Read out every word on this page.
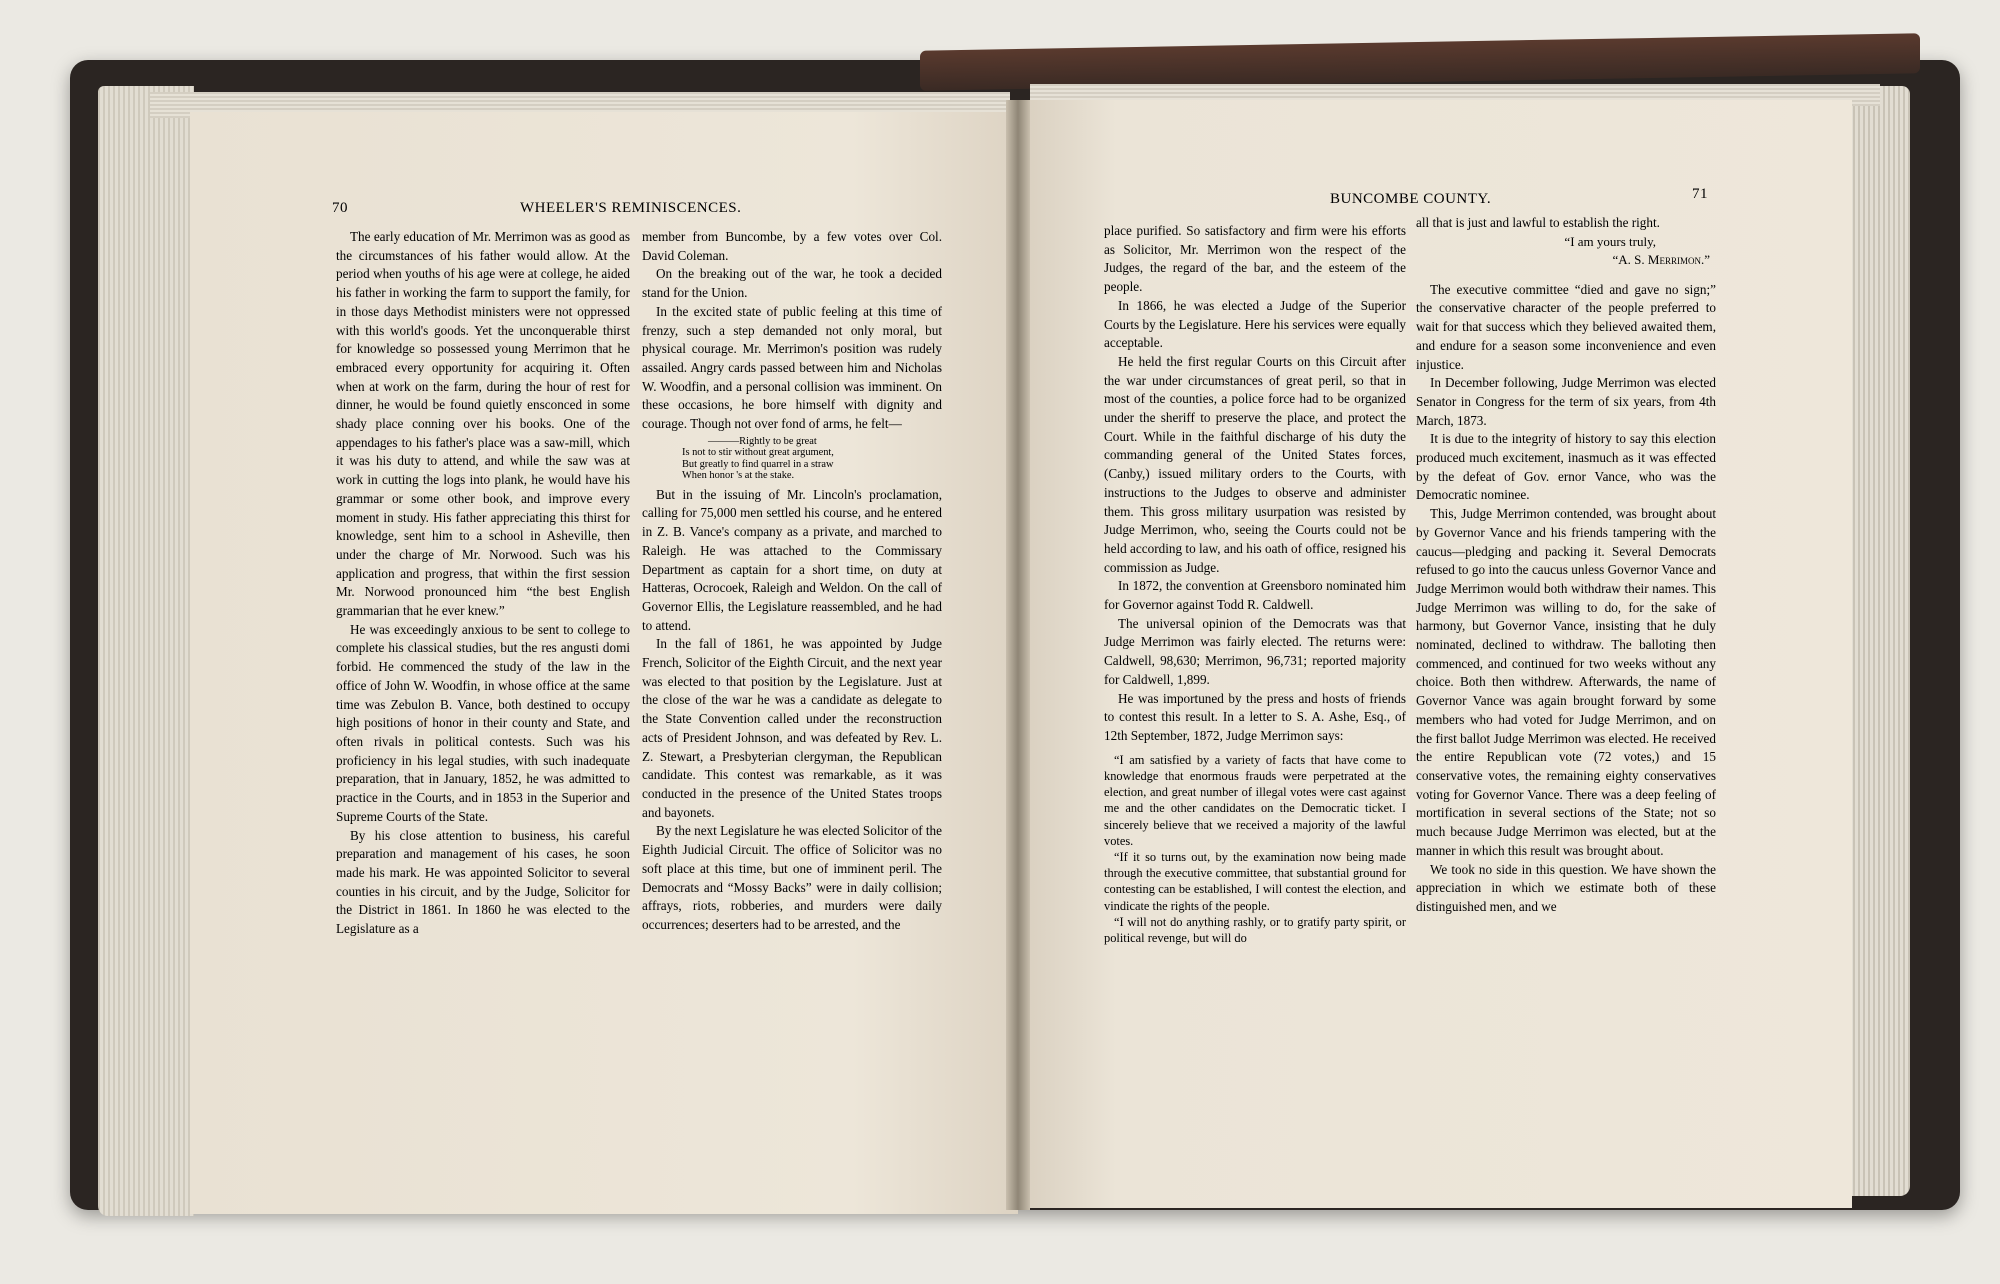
70	WHEELER'S REMINISCENCES.
BUNCOMBE COUNTY.	71

The early education of Mr. Merrimon was as good as the circumstances of his father would allow. At the period when youths of his age were at college, he aided his father in working the farm to support the family, for in those days Methodist ministers were not oppressed with this world's goods. Yet the unconquerable thirst for knowledge so possessed young Merrimon that he embraced every opportunity for acquiring it. Often when at work on the farm, during the hour of rest for dinner, he would be found quietly ensconced in some shady place conning over his books. One of the appendages to his father's place was a saw-mill, which it was his duty to attend, and while the saw was at work in cutting the logs into plank, he would have his grammar or some other book, and improve every moment in study. His father appreciating this thirst for knowledge, sent him to a school in Asheville, then under the charge of Mr. Norwood. Such was his application and progress, that within the first session Mr. Norwood pronounced him “the best English grammarian that he ever knew.”

He was exceedingly anxious to be sent to college to complete his classical studies, but the res angusti domi forbid. He commenced the study of the law in the office of John W. Woodfin, in whose office at the same time was Zebulon B. Vance, both destined to occupy high positions of honor in their county and State, and often rivals in political contests. Such was his proficiency in his legal studies, with such inadequate preparation, that in January, 1852, he was admitted to practice in the Courts, and in 1853 in the Superior and Supreme Courts of the State.

By his close attention to business, his careful preparation and management of his cases, he soon made his mark. He was appointed Solicitor to several counties in his circuit, and by the Judge, Solicitor for the District in 1861. In 1860 he was elected to the Legislature as a

member from Buncombe, by a few votes over Col. David Coleman.

On the breaking out of the war, he took a decided stand for the Union.

In the excited state of public feeling at this time of frenzy, such a step demanded not only moral, but physical courage. Mr. Merrimon's position was rudely assailed. Angry cards passed between him and Nicholas W. Woodfin, and a personal collision was imminent. On these occasions, he bore himself with dignity and courage. Though not over fond of arms, he felt—

———Rightly to be great
Is not to stir without great argument,
But greatly to find quarrel in a straw
When honor 's at the stake.

But in the issuing of Mr. Lincoln's proclamation, calling for 75,000 men settled his course, and he entered in Z. B. Vance's company as a private, and marched to Raleigh. He was attached to the Commissary Department as captain for a short time, on duty at Hatteras, Ocrocoek, Raleigh and Weldon. On the call of Governor Ellis, the Legislature reassembled, and he had to attend.

In the fall of 1861, he was appointed by Judge French, Solicitor of the Eighth Circuit, and the next year was elected to that position by the Legislature. Just at the close of the war he was a candidate as delegate to the State Convention called under the reconstruction acts of President Johnson, and was defeated by Rev. L. Z. Stewart, a Presbyterian clergyman, the Republican candidate. This contest was remarkable, as it was conducted in the presence of the United States troops and bayonets.

By the next Legislature he was elected Solicitor of the Eighth Judicial Circuit. The office of Solicitor was no soft place at this time, but one of imminent peril. The Democrats and “Mossy Backs” were in daily collision; affrays, riots, robberies, and murders were daily occurrences; deserters had to be arrested, and the

place purified. So satisfactory and firm were his efforts as Solicitor, Mr. Merrimon won the respect of the Judges, the regard of the bar, and the esteem of the people.

In 1866, he was elected a Judge of the Superior Courts by the Legislature. Here his services were equally acceptable.

He held the first regular Courts on this Circuit after the war under circumstances of great peril, so that in most of the counties, a police force had to be organized under the sheriff to preserve the place, and protect the Court. While in the faithful discharge of his duty the commanding general of the United States forces, (Canby,) issued military orders to the Courts, with instructions to the Judges to observe and administer them. This gross military usurpation was resisted by Judge Merrimon, who, seeing the Courts could not be held according to law, and his oath of office, resigned his commission as Judge.

In 1872, the convention at Greensboro nominated him for Governor against Todd R. Caldwell.

The universal opinion of the Democrats was that Judge Merrimon was fairly elected. The returns were: Caldwell, 98,630; Merrimon, 96,731; reported majority for Caldwell, 1,899.

He was importuned by the press and hosts of friends to contest this result. In a letter to S. A. Ashe, Esq., of 12th September, 1872, Judge Merrimon says:

“I am satisfied by a variety of facts that have come to knowledge that enormous frauds were perpetrated at the election, and great number of illegal votes were cast against me and the other candidates on the Democratic ticket. I sincerely believe that we received a majority of the lawful votes.

“If it so turns out, by the examination now being made through the executive committee, that substantial ground for contesting can be established, I will contest the election, and vindicate the rights of the people.

“I will not do anything rashly, or to gratify party spirit, or political revenge, but will do

all that is just and lawful to establish the right.

“I am yours truly,
“A. S. Merrimon.”

The executive committee “died and gave no sign;” the conservative character of the people preferred to wait for that success which they believed awaited them, and endure for a season some inconvenience and even injustice.

In December following, Judge Merrimon was elected Senator in Congress for the term of six years, from 4th March, 1873.

It is due to the integrity of history to say this election produced much excitement, inasmuch as it was effected by the defeat of Gov. ernor Vance, who was the Democratic nominee.

This, Judge Merrimon contended, was brought about by Governor Vance and his friends tampering with the caucus—pledging and packing it. Several Democrats refused to go into the caucus unless Governor Vance and Judge Merrimon would both withdraw their names. This Judge Merrimon was willing to do, for the sake of harmony, but Governor Vance, insisting that he duly nominated, declined to withdraw. The balloting then commenced, and continued for two weeks without any choice. Both then withdrew. Afterwards, the name of Governor Vance was again brought forward by some members who had voted for Judge Merrimon, and on the first ballot Judge Merrimon was elected. He received the entire Republican vote (72 votes,) and 15 conservative votes, the remaining eighty conservatives voting for Governor Vance. There was a deep feeling of mortification in several sections of the State; not so much because Judge Merrimon was elected, but at the manner in which this result was brought about.

We took no side in this question. We have shown the appreciation in which we estimate both of these distinguished men, and we
